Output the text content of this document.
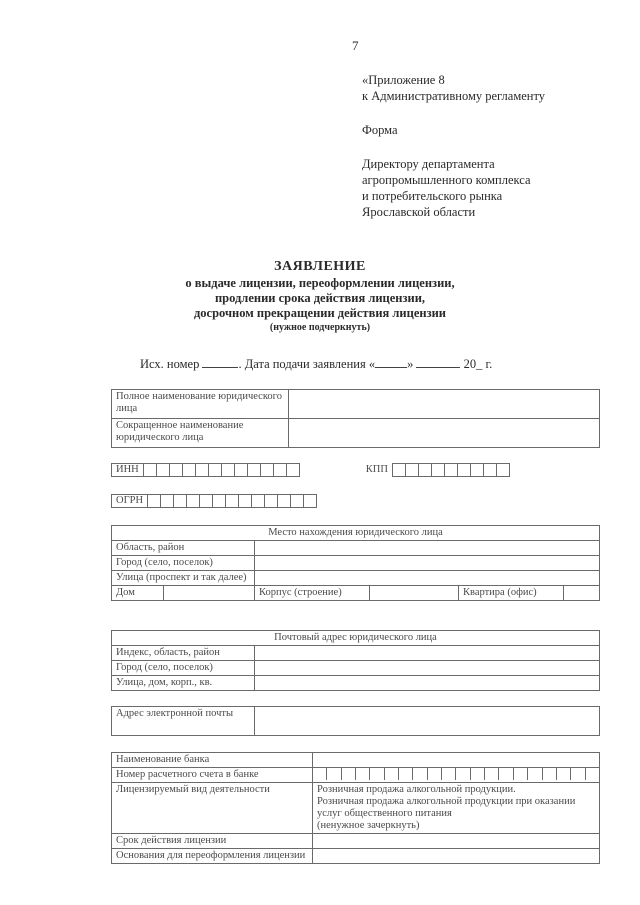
7
«Приложение 8
к Административному регламенту
Форма
Директору департамента
агропромышленного комплекса
и потребительского рынка
Ярославской области
ЗАЯВЛЕНИЕ
о выдаче лицензии, переоформлении лицензии,
продлении срока действия лицензии,
досрочном прекращении действия лицензии
(нужное подчеркнуть)
Исх. номер	. Дата подачи заявления «	»	20_ г.
Полное наименование юридического лица	
Сокращенное наименование юридического лица	
ИНН	КПП
ОГРН
Место нахождения юридического лица					
Область, район					
Город (село, поселок)					
Улица (проспект и так далее)					
Дом		Корпус (строение)		Квартира (офис)	
Почтовый адрес юридического лица	
Индекс, область, район	
Город (село, поселок)	
Улица, дом, корп., кв.	
Адрес электронной почты	
Наименование банка	
Номер расчетного счета в банке	

Лицензируемый вид деятельности	Розничная продажа алкогольной продукции.
Розничная продажа алкогольной продукции при оказании услуг общественного питания
(ненужное зачеркнуть)

Срок действия лицензии	
Основания для переоформления лицензии	
